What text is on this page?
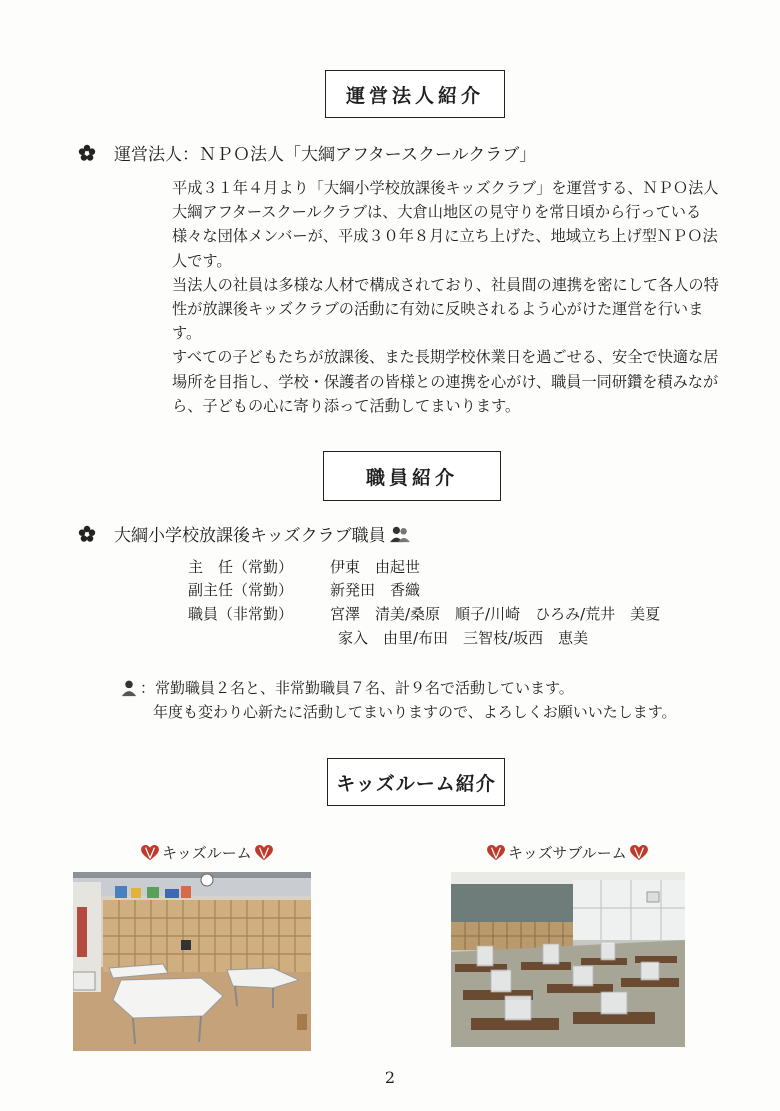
運営法人紹介
運営法人：ＮＰＯ法人「大綱アフタースクールクラブ」

平成３１年４月より「大綱小学校放課後キッズクラブ」を運営する、ＮＰＯ法人大綱アフタースクールクラブは、大倉山地区の見守りを常日頃から行っている様々な団体メンバーが、平成３０年８月に立ち上げた、地域立ち上げ型ＮＰＯ法人です。

当法人の社員は多様な人材で構成されており、社員間の連携を密にして各人の特性が放課後キッズクラブの活動に有効に反映されるよう心がけた運営を行います。

すべての子どもたちが放課後、また長期学校休業日を過ごせる、安全で快適な居場所を目指し、学校・保護者の皆様との連携を心がけ、職員一同研鑽を積みながら、子どもの心に寄り添って活動してまいります。

職員紹介
大綱小学校放課後キッズクラブ職員
主　任（常勤） 伊東　由起世
副主任（常勤） 新発田　香織
職員（非常勤） 宮澤　清美/桑原　順子/川崎　ひろみ/荒井　美夏
家入　由里/布田　三智枝/坂西　恵美
：常勤職員２名と、非常勤職員７名、計９名で活動しています。
年度も変わり心新たに活動してまいりますので、よろしくお願いいたします。
キッズルーム紹介
キッズルーム	キッズサブルーム
2
